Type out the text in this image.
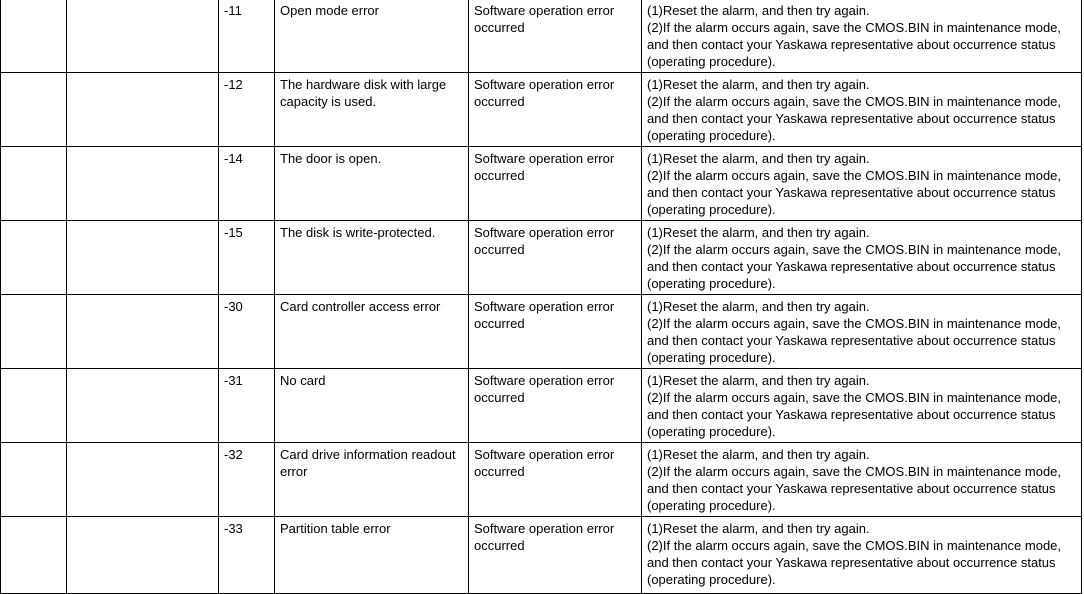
		-11	Open mode error	Software operation error occurred	(1)Reset the alarm, and then try again.
(2)If the alarm occurs again, save the CMOS.BIN in maintenance mode, and then contact your Yaskawa representative about occurrence status (operating procedure).

		-12	The hardware disk with large capacity is used.	Software operation error occurred	(1)Reset the alarm, and then try again.
(2)If the alarm occurs again, save the CMOS.BIN in maintenance mode, and then contact your Yaskawa representative about occurrence status (operating procedure).

		-14	The door is open.	Software operation error occurred	(1)Reset the alarm, and then try again.
(2)If the alarm occurs again, save the CMOS.BIN in maintenance mode, and then contact your Yaskawa representative about occurrence status (operating procedure).

		-15	The disk is write-protected.	Software operation error occurred	(1)Reset the alarm, and then try again.
(2)If the alarm occurs again, save the CMOS.BIN in maintenance mode, and then contact your Yaskawa representative about occurrence status (operating procedure).

		-30	Card controller access error	Software operation error occurred	(1)Reset the alarm, and then try again.
(2)If the alarm occurs again, save the CMOS.BIN in maintenance mode, and then contact your Yaskawa representative about occurrence status (operating procedure).

		-31	No card	Software operation error occurred	(1)Reset the alarm, and then try again.
(2)If the alarm occurs again, save the CMOS.BIN in maintenance mode, and then contact your Yaskawa representative about occurrence status (operating procedure).

		-32	Card drive information readout error	Software operation error occurred	(1)Reset the alarm, and then try again.
(2)If the alarm occurs again, save the CMOS.BIN in maintenance mode, and then contact your Yaskawa representative about occurrence status (operating procedure).

		-33	Partition table error	Software operation error occurred	(1)Reset the alarm, and then try again.
(2)If the alarm occurs again, save the CMOS.BIN in maintenance mode, and then contact your Yaskawa representative about occurrence status (operating procedure).
